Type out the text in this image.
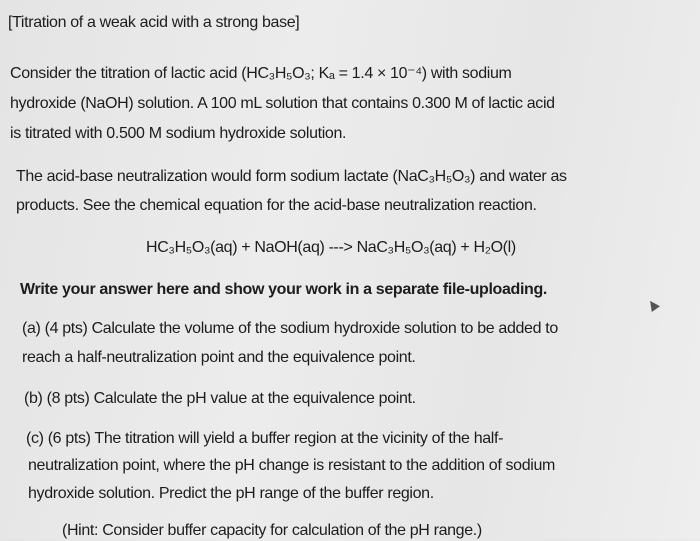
[Titration of a weak acid with a strong base]
Consider the titration of lactic acid (HC₃H₅O₃; Kₐ = 1.4 × 10⁻⁴) with sodium
hydroxide (NaOH) solution. A 100 mL solution that contains 0.300 M of lactic acid
is titrated with 0.500 M sodium hydroxide solution.
The acid-base neutralization would form sodium lactate (NaC₃H₅O₃) and water as
products. See the chemical equation for the acid-base neutralization reaction.
HC₃H₅O₃(aq) + NaOH(aq) ---> NaC₃H₅O₃(aq) + H₂O(l)
Write your answer here and show your work in a separate file-uploading.
(a) (4 pts) Calculate the volume of the sodium hydroxide solution to be added to
reach a half-neutralization point and the equivalence point.
(b) (8 pts) Calculate the pH value at the equivalence point.
(c) (6 pts) The titration will yield a buffer region at the vicinity of the half-
neutralization point, where the pH change is resistant to the addition of sodium
hydroxide solution. Predict the pH range of the buffer region.
(Hint: Consider buffer capacity for calculation of the pH range.)
